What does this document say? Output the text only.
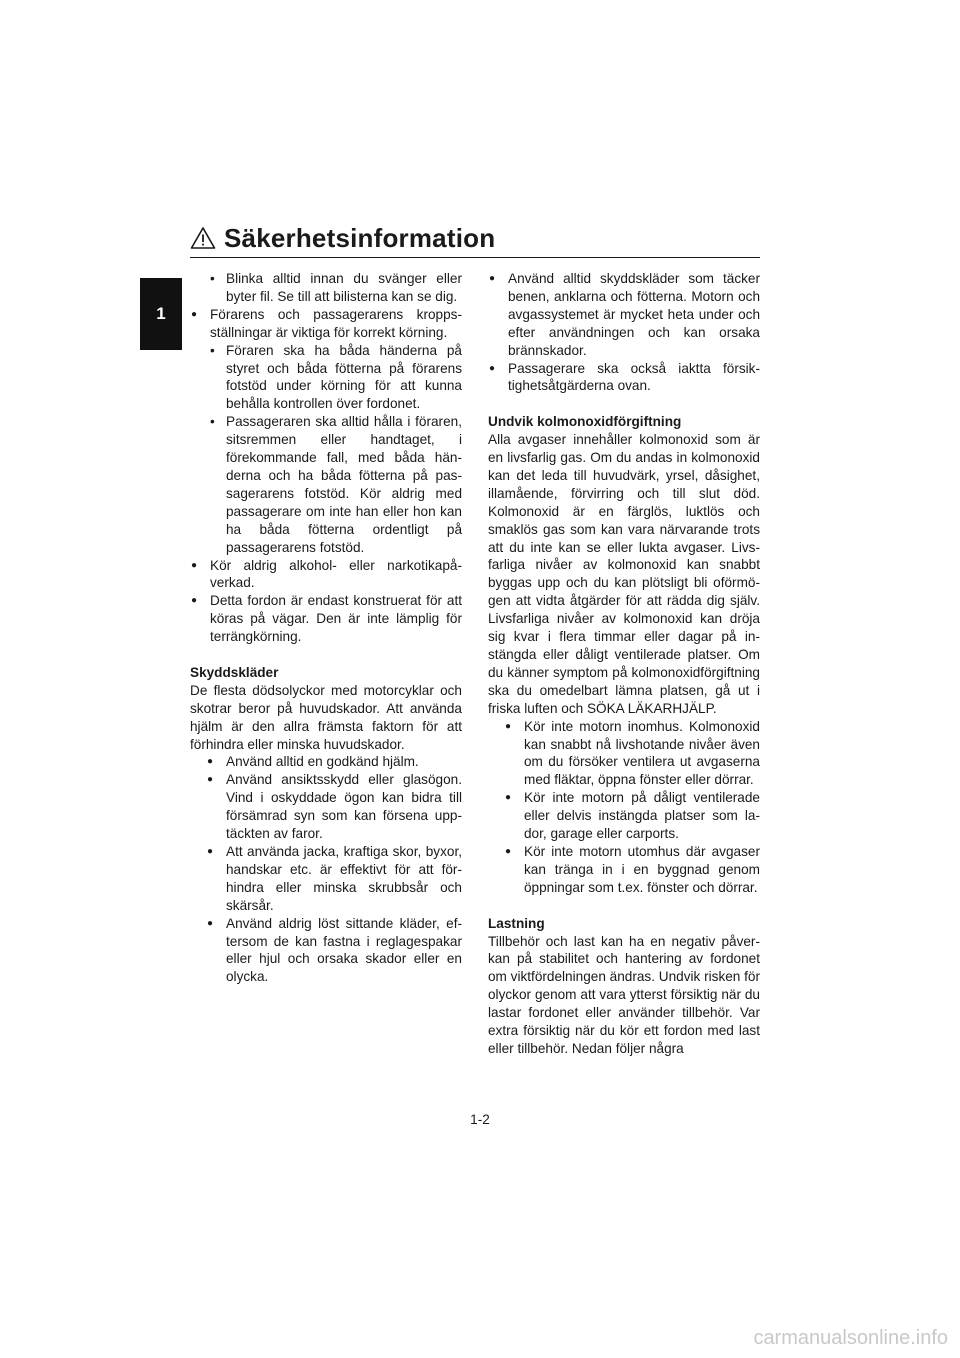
Säkerhetsinformation
1
• Blinka alltid innan du svänger eller byter fil. Se till att bilisterna kan se dig.
● Förarens och passagerarens kroppsställningar är viktiga för korrekt körning.
• Föraren ska ha båda händerna på styret och båda fötterna på förarens fotstöd under körning för att kunna behålla kontrollen över fordonet.
• Passageraren ska alltid hålla i föraren, sitsremmen eller handtaget, i förekommande fall, med båda händerna och ha båda fötterna på passagerarens fotstöd. Kör aldrig med passagerare om inte han eller hon kan ha båda fötterna ordentligt på passagerarens fotstöd.
● Kör aldrig alkohol- eller narkotikapåverkad.
● Detta fordon är endast konstruerat för att köras på vägar. Den är inte lämplig för terrängkörning.

Skyddskläder

De flesta dödsolyckor med motorcyklar och skotrar beror på huvudskador. Att använda hjälm är den allra främsta faktorn för att förhindra eller minska huvudskador.

● Använd alltid en godkänd hjälm.
● Använd ansiktsskydd eller glasögon. Vind i oskyddade ögon kan bidra till försämrad syn som kan försena upptäckten av faror.
● Att använda jacka, kraftiga skor, byxor, handskar etc. är effektivt för att förhindra eller minska skrubbsår och skärsår.
● Använd aldrig löst sittande kläder, eftersom de kan fastna i reglagespakar eller hjul och orsaka skador eller en olycka.
● Använd alltid skyddskläder som täcker benen, anklarna och fötterna. Motorn och avgassystemet är mycket heta under och efter användningen och kan orsaka brännskador.
● Passagerare ska också iaktta försiktighetsåtgärderna ovan.

Undvik kolmonoxidförgiftning

Alla avgaser innehåller kolmonoxid som är en livsfarlig gas. Om du andas in kolmonoxid kan det leda till huvudvärk, yrsel, dåsighet, illamående, förvirring och till slut död. Kolmonoxid är en färglös, luktlös och smaklös gas som kan vara närvarande trots att du inte kan se eller lukta avgaser. Livsfarliga nivåer av kolmonoxid kan snabbt byggas upp och du kan plötsligt bli oförmögen att vidta åtgärder för att rädda dig själv. Livsfarliga nivåer av kolmonoxid kan dröja sig kvar i flera timmar eller dagar på instängda eller dåligt ventilerade platser. Om du känner symptom på kolmonoxidförgiftning ska du omedelbart lämna platsen, gå ut i friska luften och SÖKA LÄKARHJÄLP.

● Kör inte motorn inomhus. Kolmonoxid kan snabbt nå livshotande nivåer även om du försöker ventilera ut avgaserna med fläktar, öppna fönster eller dörrar.
● Kör inte motorn på dåligt ventilerade eller delvis instängda platser som lador, garage eller carports.
● Kör inte motorn utomhus där avgaser kan tränga in i en byggnad genom öppningar som t.ex. fönster och dörrar.

Lastning

Tillbehör och last kan ha en negativ påverkan på stabilitet och hantering av fordonet om viktfördelningen ändras. Undvik risken för olyckor genom att vara ytterst försiktig när du lastar fordonet eller använder tillbehör. Var extra försiktig när du kör ett fordon med last eller tillbehör. Nedan följer några

1-2
carmanualsonline.info
